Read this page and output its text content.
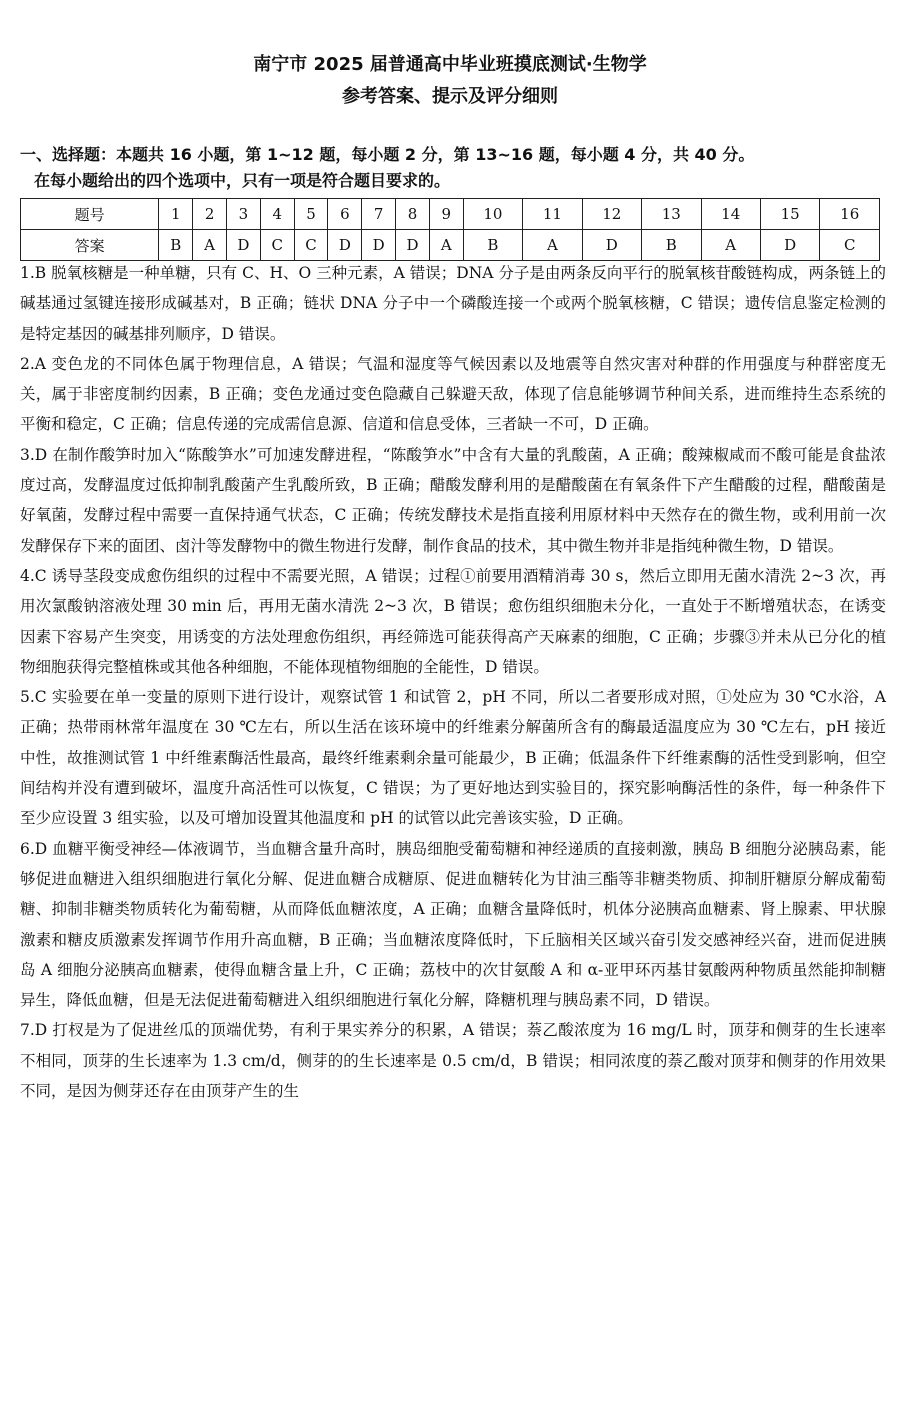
南宁市 2025 届普通高中毕业班摸底测试·生物学
参考答案、提示及评分细则
一、选择题：本题共 16 小题，第 1~12 题，每小题 2 分，第 13~16 题，每小题 4 分，共 40 分。
在每小题给出的四个选项中，只有一项是符合题目要求的。
题号	1	2	3	4	5	6	7	8	9	10	11	12	13	14	15	16
答案	B	A	D	C	C	D	D	D	A	B	A	D	B	A	D	C

1.B 脱氧核糖是一种单糖，只有 C、H、O 三种元素，A 错误；DNA 分子是由两条反向平行的脱氧核苷酸链构成，两条链上的碱基通过氢键连接形成碱基对，B 正确；链状 DNA 分子中一个磷酸连接一个或两个脱氧核糖，C 错误；遗传信息鉴定检测的是特定基因的碱基排列顺序，D 错误。

2.A 变色龙的不同体色属于物理信息，A 错误；气温和湿度等气候因素以及地震等自然灾害对种群的作用强度与种群密度无关，属于非密度制约因素，B 正确；变色龙通过变色隐藏自己躲避天敌，体现了信息能够调节种间关系，进而维持生态系统的平衡和稳定，C 正确；信息传递的完成需信息源、信道和信息受体，三者缺一不可，D 正确。

3.D 在制作酸笋时加入“陈酸笋水”可加速发酵进程，“陈酸笋水”中含有大量的乳酸菌，A 正确；酸辣椒咸而不酸可能是食盐浓度过高，发酵温度过低抑制乳酸菌产生乳酸所致，B 正确；醋酸发酵利用的是醋酸菌在有氧条件下产生醋酸的过程，醋酸菌是好氧菌，发酵过程中需要一直保持通气状态，C 正确；传统发酵技术是指直接利用原材料中天然存在的微生物，或利用前一次发酵保存下来的面团、卤汁等发酵物中的微生物进行发酵，制作食品的技术，其中微生物并非是指纯种微生物，D 错误。

4.C 诱导茎段变成愈伤组织的过程中不需要光照，A 错误；过程①前要用酒精消毒 30 s，然后立即用无菌水清洗 2~3 次，再用次氯酸钠溶液处理 30 min 后，再用无菌水清洗 2~3 次，B 错误；愈伤组织细胞未分化，一直处于不断增殖状态，在诱变因素下容易产生突变，用诱变的方法处理愈伤组织，再经筛选可能获得高产天麻素的细胞，C 正确；步骤③并未从已分化的植物细胞获得完整植株或其他各种细胞，不能体现植物细胞的全能性，D 错误。

5.C 实验要在单一变量的原则下进行设计，观察试管 1 和试管 2，pH 不同，所以二者要形成对照，①处应为 30 ℃水浴，A 正确；热带雨林常年温度在 30 ℃左右，所以生活在该环境中的纤维素分解菌所含有的酶最适温度应为 30 ℃左右，pH 接近中性，故推测试管 1 中纤维素酶活性最高，最终纤维素剩余量可能最少，B 正确；低温条件下纤维素酶的活性受到影响，但空间结构并没有遭到破坏，温度升高活性可以恢复，C 错误；为了更好地达到实验目的，探究影响酶活性的条件，每一种条件下至少应设置 3 组实验，以及可增加设置其他温度和 pH 的试管以此完善该实验，D 正确。

6.D 血糖平衡受神经—体液调节，当血糖含量升高时，胰岛细胞受葡萄糖和神经递质的直接刺激，胰岛 B 细胞分泌胰岛素，能够促进血糖进入组织细胞进行氧化分解、促进血糖合成糖原、促进血糖转化为甘油三酯等非糖类物质、抑制肝糖原分解成葡萄糖、抑制非糖类物质转化为葡萄糖，从而降低血糖浓度，A 正确；血糖含量降低时，机体分泌胰高血糖素、肾上腺素、甲状腺激素和糖皮质激素发挥调节作用升高血糖，B 正确；当血糖浓度降低时，下丘脑相关区域兴奋引发交感神经兴奋，进而促进胰岛 A 细胞分泌胰高血糖素，使得血糖含量上升，C 正确；荔枝中的次甘氨酸 A 和 α-亚甲环丙基甘氨酸两种物质虽然能抑制糖异生，降低血糖，但是无法促进葡萄糖进入组织细胞进行氧化分解，降糖机理与胰岛素不同，D 错误。

7.D 打杈是为了促进丝瓜的顶端优势，有利于果实养分的积累，A 错误；萘乙酸浓度为 16 mg/L 时，顶芽和侧芽的生长速率不相同，顶芽的生长速率为 1.3 cm/d，侧芽的的生长速率是 0.5 cm/d，B 错误；相同浓度的萘乙酸对顶芽和侧芽的作用效果不同，是因为侧芽还存在由顶芽产生的生
